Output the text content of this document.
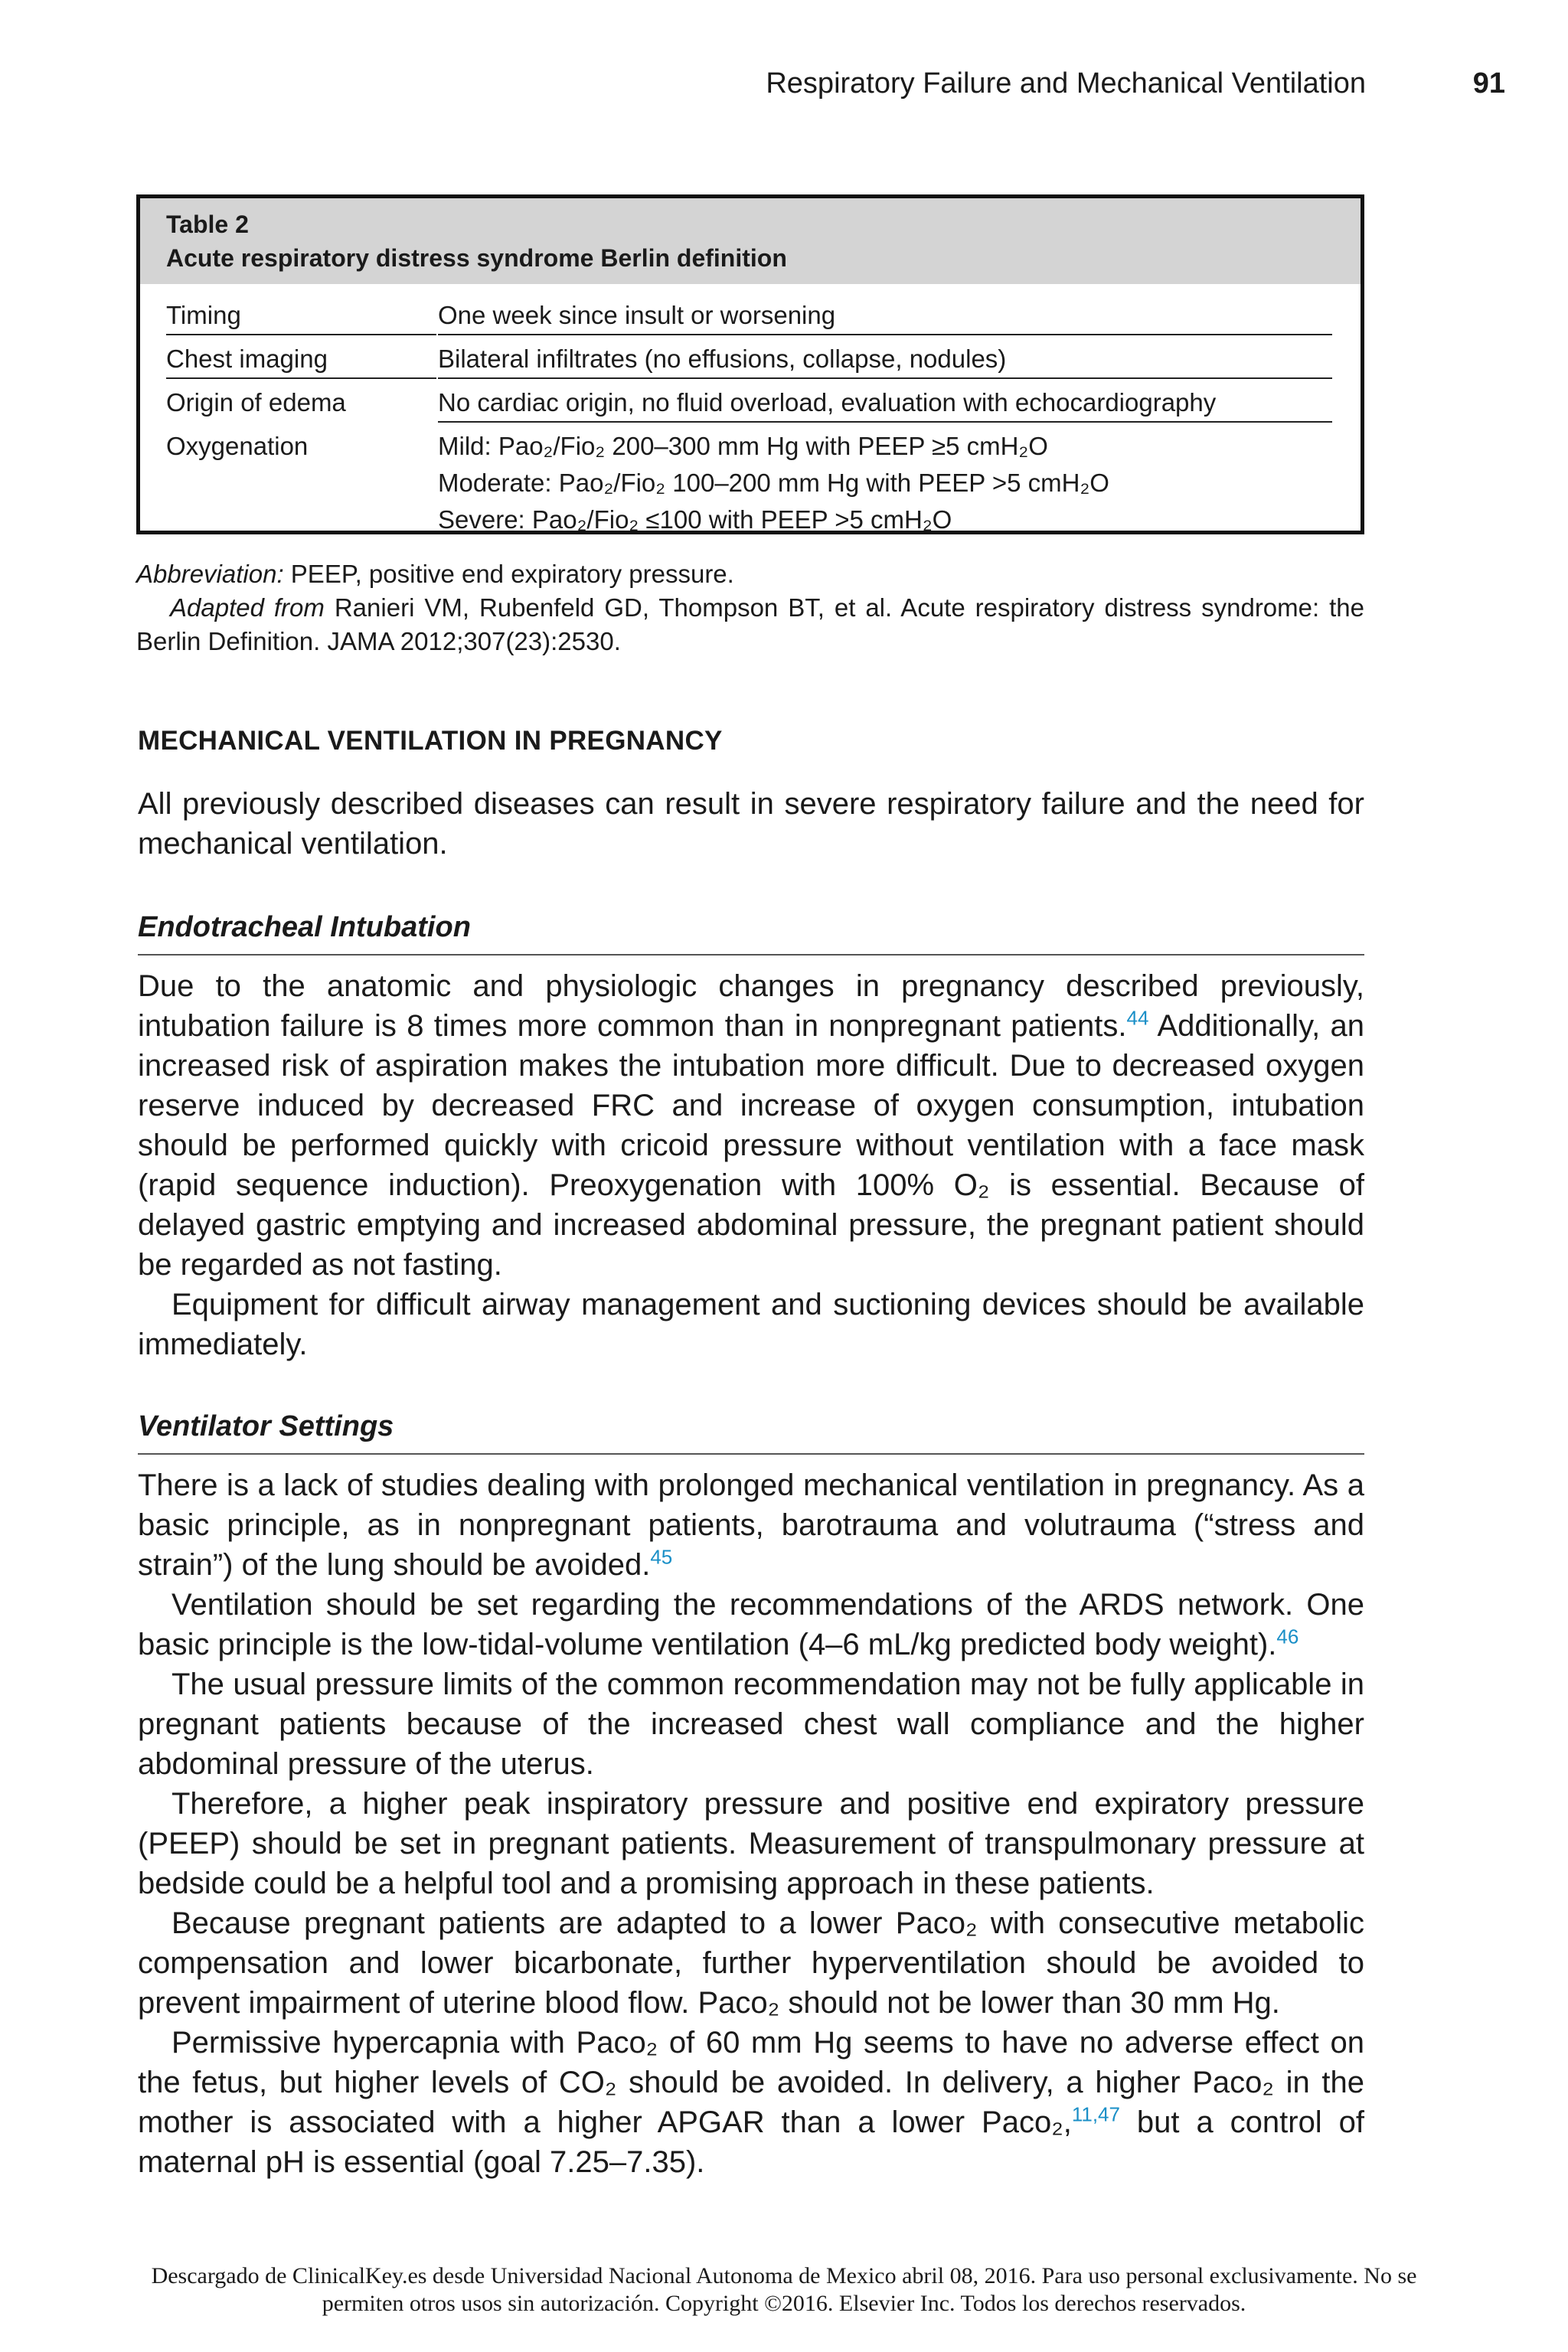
Respiratory Failure and Mechanical Ventilation	91
Table 2
Acute respiratory distress syndrome Berlin definition
Timing	One week since insult or worsening
Chest imaging	Bilateral infiltrates (no effusions, collapse, nodules)
Origin of edema	No cardiac origin, no fluid overload, evaluation with echocardiography
Oxygenation	Mild: Pao₂/Fio₂ 200–300 mm Hg with PEEP ≥5 cmH₂O
Moderate: Pao₂/Fio₂ 100–200 mm Hg with PEEP >5 cmH₂O
Severe: Pao₂/Fio₂ ≤100 with PEEP >5 cmH₂O
Abbreviation: PEEP, positive end expiratory pressure.
Adapted from Ranieri VM, Rubenfeld GD, Thompson BT, et al. Acute respiratory distress syndrome: the Berlin Definition. JAMA 2012;307(23):2530.
MECHANICAL VENTILATION IN PREGNANCY

All previously described diseases can result in severe respiratory failure and the need for mechanical ventilation.

Endotracheal Intubation

Due to the anatomic and physiologic changes in pregnancy described previously, intubation failure is 8 times more common than in nonpregnant patients.$^{44}$ Additionally, an increased risk of aspiration makes the intubation more difficult. Due to decreased oxygen reserve induced by decreased FRC and increase of oxygen consumption, intubation should be performed quickly with cricoid pressure without ventilation with a face mask (rapid sequence induction). Preoxygenation with 100% O₂ is essential. Because of delayed gastric emptying and increased abdominal pressure, the pregnant patient should be regarded as not fasting.

Equipment for difficult airway management and suctioning devices should be available immediately.

Ventilator Settings

There is a lack of studies dealing with prolonged mechanical ventilation in pregnancy. As a basic principle, as in nonpregnant patients, barotrauma and volutrauma (“stress and strain”) of the lung should be avoided.$^{45}$

Ventilation should be set regarding the recommendations of the ARDS network. One basic principle is the low-tidal-volume ventilation (4–6 mL/kg predicted body weight).$^{46}$

The usual pressure limits of the common recommendation may not be fully applicable in pregnant patients because of the increased chest wall compliance and the higher abdominal pressure of the uterus.

Therefore, a higher peak inspiratory pressure and positive end expiratory pressure (PEEP) should be set in pregnant patients. Measurement of transpulmonary pressure at bedside could be a helpful tool and a promising approach in these patients.

Because pregnant patients are adapted to a lower Paco₂ with consecutive metabolic compensation and lower bicarbonate, further hyperventilation should be avoided to prevent impairment of uterine blood flow. Paco₂ should not be lower than 30 mm Hg.

Permissive hypercapnia with Paco₂ of 60 mm Hg seems to have no adverse effect on the fetus, but higher levels of CO₂ should be avoided. In delivery, a higher Paco₂ in the mother is associated with a higher APGAR than a lower Paco₂,$^{11,47}$ but a control of maternal pH is essential (goal 7.25–7.35).

Descargado de ClinicalKey.es desde Universidad Nacional Autonoma de Mexico abril 08, 2016. Para uso personal exclusivamente. No se
permiten otros usos sin autorización. Copyright ©2016. Elsevier Inc. Todos los derechos reservados.
